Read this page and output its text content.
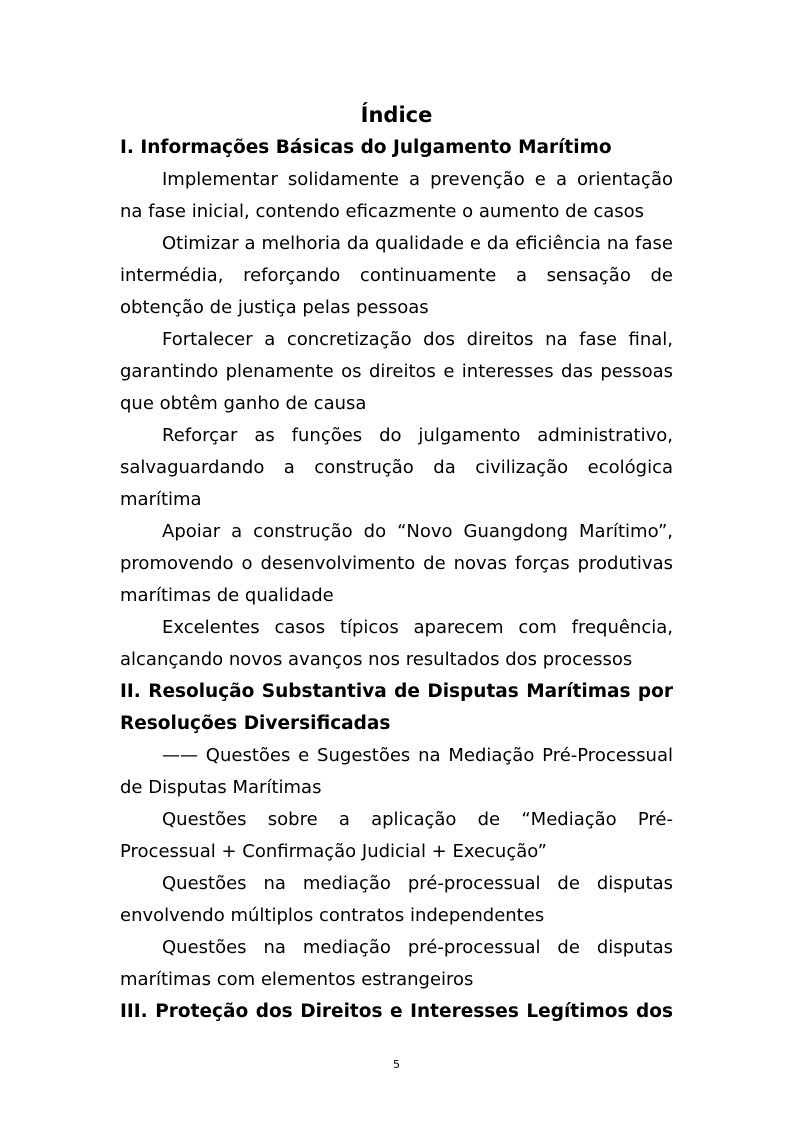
Índice
I. Informações Básicas do Julgamento Marítimo
Implementar solidamente a prevenção e a orientação na fase inicial, contendo eficazmente o aumento de casos
Otimizar a melhoria da qualidade e da eficiência na fase intermédia, reforçando continuamente a sensação de obtenção de justiça pelas pessoas
Fortalecer a concretização dos direitos na fase final, garantindo plenamente os direitos e interesses das pessoas que obtêm ganho de causa
Reforçar as funções do julgamento administrativo, salvaguardando a construção da civilização ecológica marítima
Apoiar a construção do “Novo Guangdong Marítimo”, promovendo o desenvolvimento de novas forças produtivas marítimas de qualidade
Excelentes casos típicos aparecem com frequência, alcançando novos avanços nos resultados dos processos
II. Resolução Substantiva de Disputas Marítimas por Resoluções Diversificadas
—— Questões e Sugestões na Mediação Pré-Processual de Disputas Marítimas
Questões sobre a aplicação de “Mediação Pré-Processual + Confirmação Judicial + Execução”
Questões na mediação pré-processual de disputas envolvendo múltiplos contratos independentes
Questões na mediação pré-processual de disputas marítimas com elementos estrangeiros
III. Proteção dos Direitos e Interesses Legítimos dos
5
